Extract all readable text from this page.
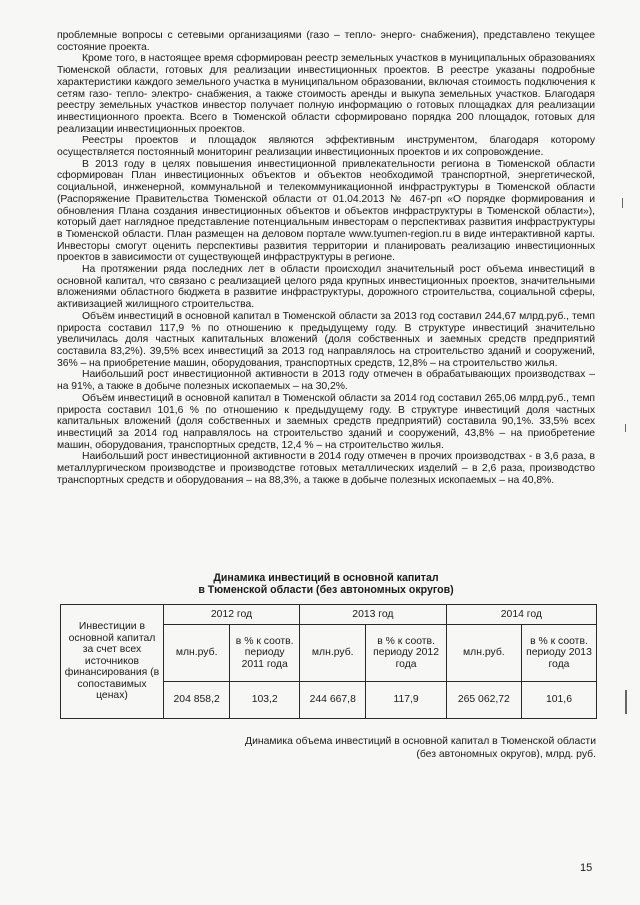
проблемные вопросы с сетевыми организациями (газо – тепло- энерго- снабжения), представлено текущее состояние проекта.

Кроме того, в настоящее время сформирован реестр земельных участков в муниципальных образованиях Тюменской области, готовых для реализации инвестиционных проектов. В реестре указаны подробные характеристики каждого земельного участка в муниципальном образовании, включая стоимость подключения к сетям газо- тепло- электро- снабжения, а также стоимость аренды и выкупа земельных участков. Благодаря реестру земельных участков инвестор получает полную информацию о готовых площадках для реализации инвестиционного проекта. Всего в Тюменской области сформировано порядка 200 площадок, готовых для реализации инвестиционных проектов.

Реестры проектов и площадок являются эффективным инструментом, благодаря которому осуществляется постоянный мониторинг реализации инвестиционных проектов и их сопровождение.

В 2013 году в целях повышения инвестиционной привлекательности региона в Тюменской области сформирован План инвестиционных объектов и объектов необходимой транспортной, энергетической, социальной, инженерной, коммунальной и телекоммуникационной инфраструктуры в Тюменской области (Распоряжение Правительства Тюменской области от 01.04.2013 № 467-рп «О порядке формирования и обновления Плана создания инвестиционных объектов и объектов инфраструктуры в Тюменской области»), который дает наглядное представление потенциальным инвесторам о перспективах развития инфраструктуры в Тюменской области. План размещен на деловом портале www.tyumen-region.ru в виде интерактивной карты. Инвесторы смогут оценить перспективы развития территории и планировать реализацию инвестиционных проектов в зависимости от существующей инфраструктуры в регионе.

На протяжении ряда последних лет в области происходил значительный рост объема инвестиций в основной капитал, что связано с реализацией целого ряда крупных инвестиционных проектов, значительными вложениями областного бюджета в развитие инфраструктуры, дорожного строительства, социальной сферы, активизацией жилищного строительства.

Объём инвестиций в основной капитал в Тюменской области за 2013 год составил 244,67 млрд.руб., темп прироста составил 117,9 % по отношению к предыдущему году. В структуре инвестиций значительно увеличилась доля частных капитальных вложений (доля собственных и заемных средств предприятий составила 83,2%). 39,5% всех инвестиций за 2013 год направлялось на строительство зданий и сооружений, 36% – на приобретение машин, оборудования, транспортных средств, 12,8% – на строительство жилья.

Наибольший рост инвестиционной активности в 2013 году отмечен в обрабатывающих производствах – на 91%, а также в добыче полезных ископаемых – на 30,2%.

Объём инвестиций в основной капитал в Тюменской области за 2014 год составил 265,06 млрд.руб., темп прироста составил 101,6 % по отношению к предыдущему году. В структуре инвестиций доля частных капитальных вложений (доля собственных и заемных средств предприятий) составила 90,1%. 33,5% всех инвестиций за 2014 год направлялось на строительство зданий и сооружений, 43,8% – на приобретение машин, оборудования, транспортных средств, 12,4 % – на строительство жилья.

Наибольший рост инвестиционной активности в 2014 году отмечен в прочих производствах - в 3,6 раза, в металлургическом производстве и производстве готовых металлических изделий – в 2,6 раза, производство транспортных средств и оборудования – на 88,3%, а также в добыче полезных ископаемых – на 40,8%.

Динамика инвестиций в основной капитал
в Тюменской области (без автономных округов)
Инвестиции в основной капитал за счет всех источников финансирования (в сопоставимых ценах)	2012 год		2013 год		2014 год	
	млн.руб.	в % к соотв. периоду 2011 года	млн.руб.	в % к соотв. периоду 2012 года	млн.руб.	в % к соотв. периоду 2013 года
	204 858,2	103,2	244 667,8	117,9	265 062,72	101,6
Динамика объема инвестиций в основной капитал в Тюменской области
(без автономных округов), млрд. руб.
15
